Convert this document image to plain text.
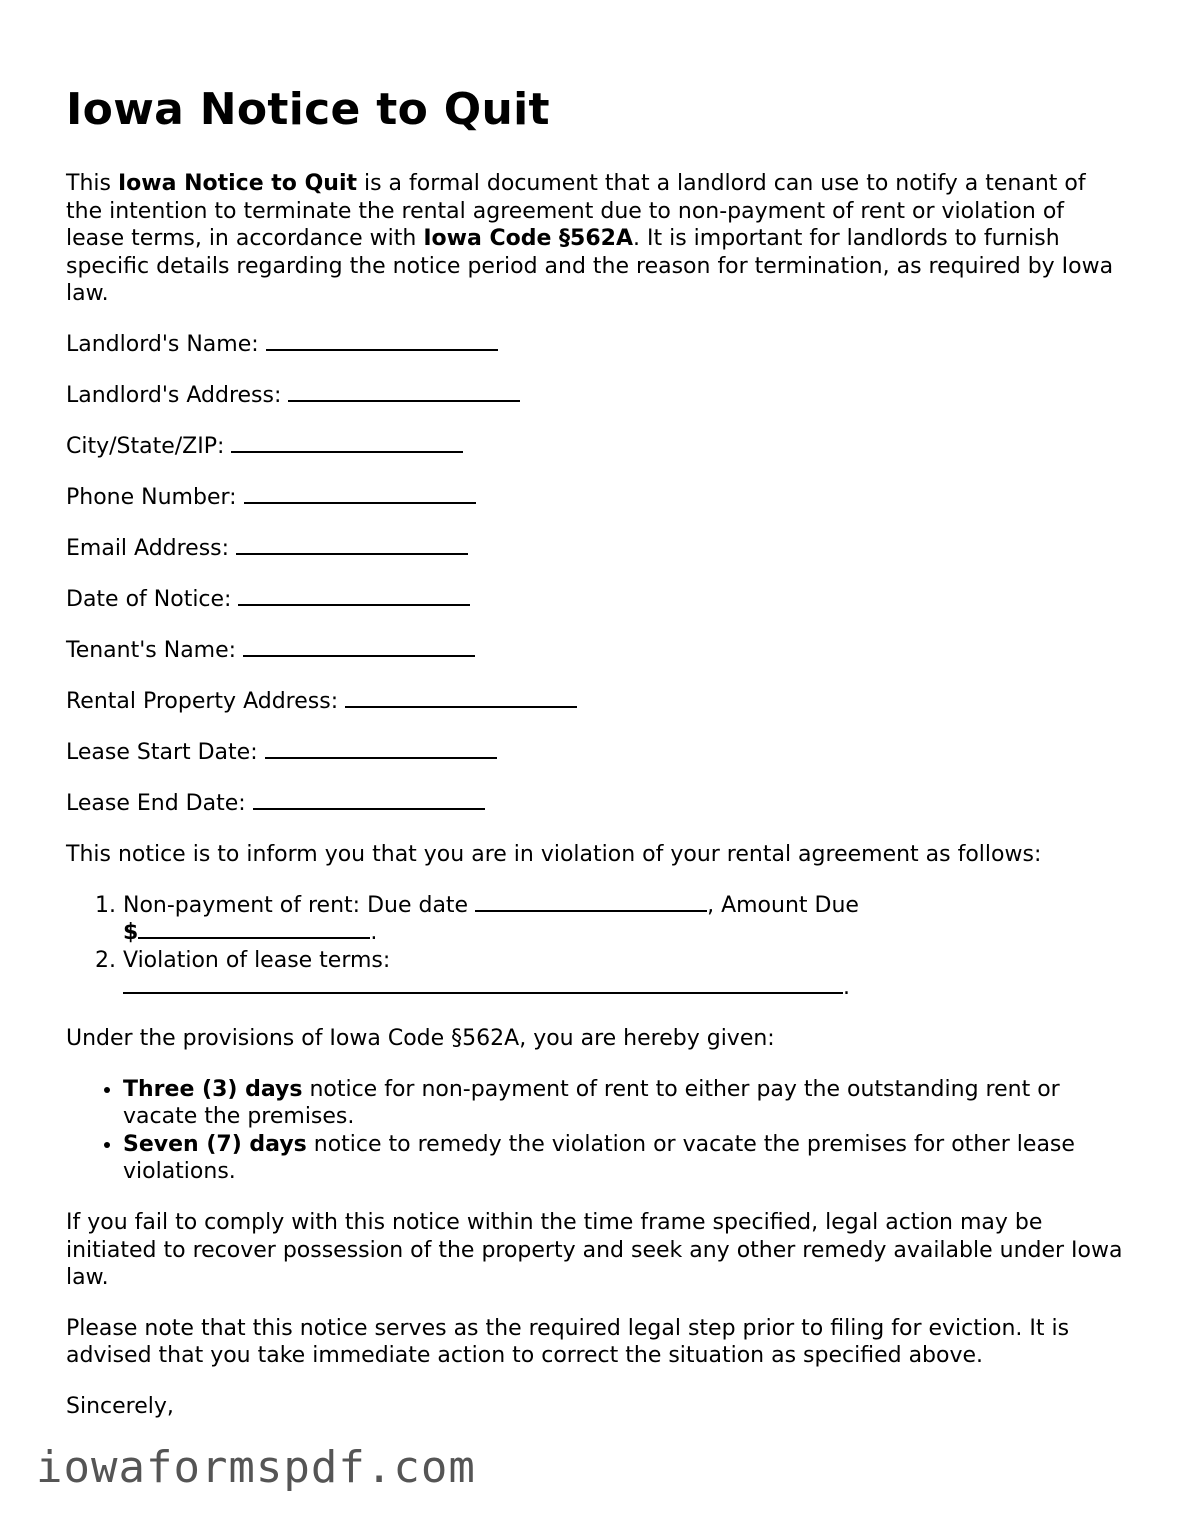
Iowa Notice to Quit

This Iowa Notice to Quit is a formal document that a landlord can use to notify a tenant of the intention to terminate the rental agreement due to non-payment of rent or violation of lease terms, in accordance with Iowa Code §562A. It is important for landlords to furnish specific details regarding the notice period and the reason for termination, as required by Iowa law.

Landlord's Name:
Landlord's Address:
City/State/ZIP:
Phone Number:
Email Address:
Date of Notice:
Tenant's Name:
Rental Property Address:
Lease Start Date:
Lease End Date:

This notice is to inform you that you are in violation of your rental agreement as follows:

1. Non-payment of rent: Due date	, Amount Due
$	.
2. Violation of lease terms:
.

Under the provisions of Iowa Code §562A, you are hereby given:

• Three (3) days notice for non-payment of rent to either pay the outstanding rent or vacate the premises.
• Seven (7) days notice to remedy the violation or vacate the premises for other lease violations.

If you fail to comply with this notice within the time frame specified, legal action may be initiated to recover possession of the property and seek any other remedy available under Iowa law.

Please note that this notice serves as the required legal step prior to filing for eviction. It is advised that you take immediate action to correct the situation as specified above.

Sincerely,

iowaformspdf.com
